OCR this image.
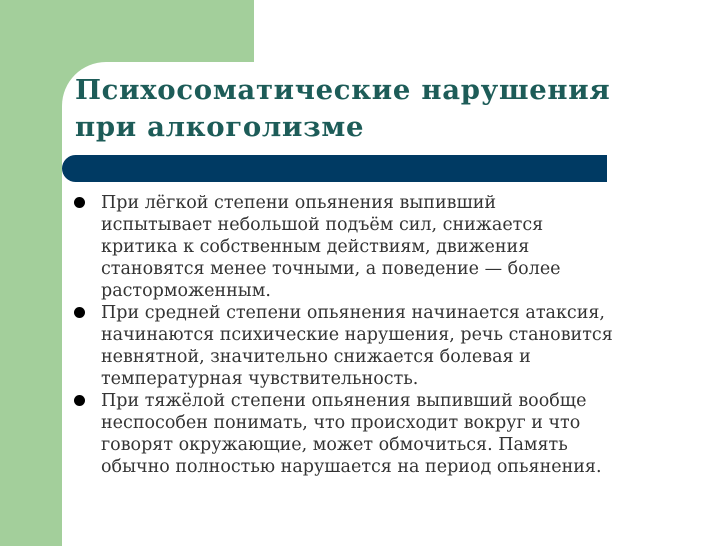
Психосоматические нарушения
при алкоголизме
При лёгкой степени опьянения выпивший
испытывает небольшой подъём сил, снижается
критика к собственным действиям, движения
становятся менее точными, а поведение — более
расторможенным.
При средней степени опьянения начинается атаксия,
начинаются психические нарушения, речь становится
невнятной, значительно снижается болевая и
температурная чувствительность.
При тяжёлой степени опьянения выпивший вообще
неспособен понимать, что происходит вокруг и что
говорят окружающие, может обмочиться. Память
обычно полностью нарушается на период опьянения.
